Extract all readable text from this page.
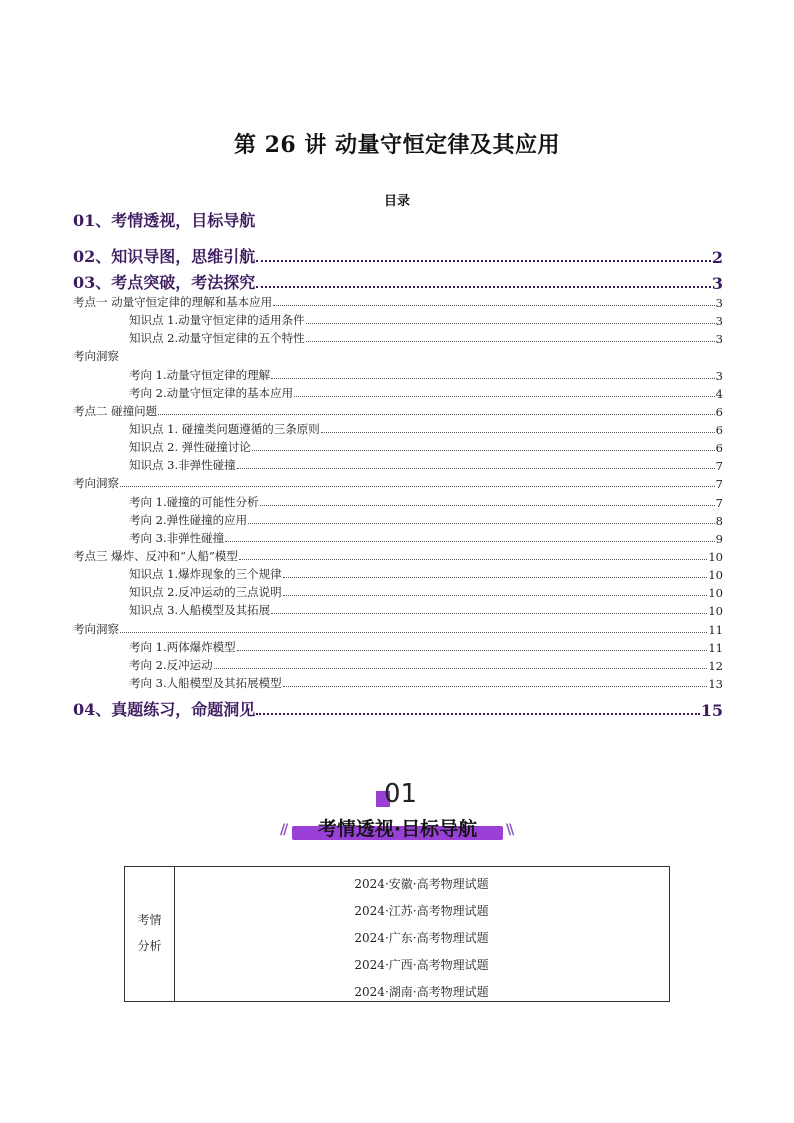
第 26 讲 动量守恒定律及其应用
目录
01、考情透视，目标导航
02、知识导图，思维引航	2
03、考点突破，考法探究	3
考点一 动量守恒定律的理解和基本应用	3
知识点 1.动量守恒定律的适用条件	3
知识点 2.动量守恒定律的五个特性	3
考向洞察
考向 1.动量守恒定律的理解	3
考向 2.动量守恒定律的基本应用	4
考点二 碰撞问题	6
知识点 1. 碰撞类问题遵循的三条原则	6
知识点 2. 弹性碰撞讨论	6
知识点 3.非弹性碰撞	7
考向洞察	7
考向 1.碰撞的可能性分析	7
考向 2.弹性碰撞的应用	8
考向 3.非弹性碰撞	9
考点三 爆炸、反冲和“人船”模型	10
知识点 1.爆炸现象的三个规律	10
知识点 2.反冲运动的三点说明	10
知识点 3.人船模型及其拓展	10
考向洞察	11
考向 1.两体爆炸模型	11
考向 2.反冲运动	12
考向 3.人船模型及其拓展模型	13
04、真题练习，命题洞见	15
01
//	考情透视·目标导航	\\
考情
分析
2024·安徽·高考物理试题
2024·江苏·高考物理试题
2024·广东·高考物理试题
2024·广西·高考物理试题
2024·湖南·高考物理试题
